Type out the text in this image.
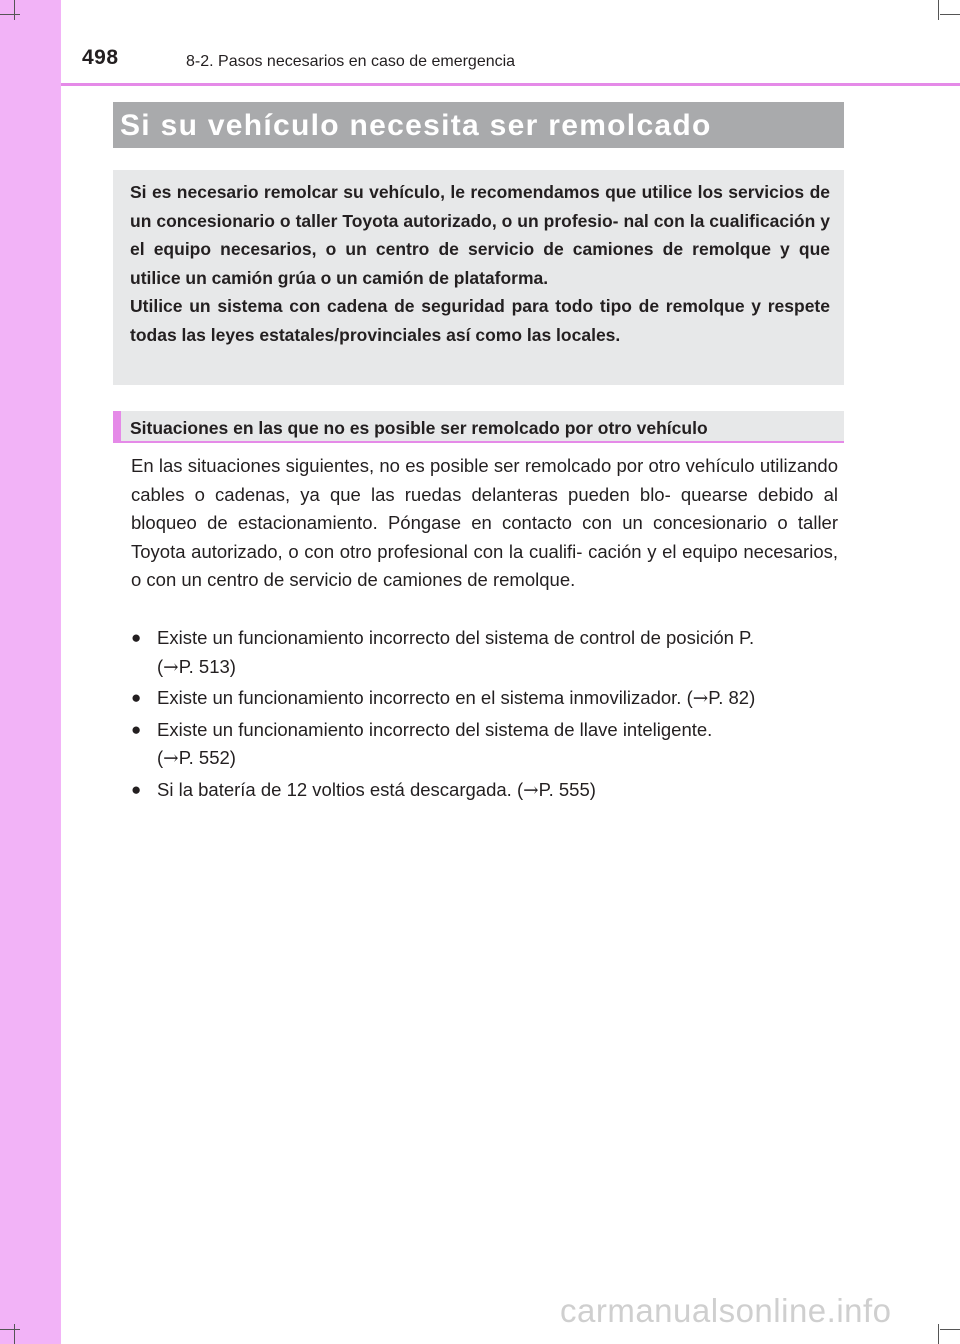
498	8-2. Pasos necesarios en caso de emergencia
Si su vehículo necesita ser remolcado
Si es necesario remolcar su vehículo, le recomendamos que utilice los servicios de un concesionario o taller Toyota autorizado, o un profesio- nal con la cualificación y el equipo necesarios, o un centro de servicio de camiones de remolque y que utilice un camión grúa o un camión de plataforma.
Utilice un sistema con cadena de seguridad para todo tipo de remolque y respete todas las leyes estatales/provinciales así como las locales.
Situaciones en las que no es posible ser remolcado por otro vehículo

En las situaciones siguientes, no es posible ser remolcado por otro vehículo utilizando cables o cadenas, ya que las ruedas delanteras pueden blo- quearse debido al bloqueo de estacionamiento. Póngase en contacto con un concesionario o taller Toyota autorizado, o con otro profesional con la cualifi- cación y el equipo necesarios, o con un centro de servicio de camiones de remolque.

● Existe un funcionamiento incorrecto del sistema de control de posición P.
(→P. 513)
● Existe un funcionamiento incorrecto en el sistema inmovilizador. (→P. 82)
● Existe un funcionamiento incorrecto del sistema de llave inteligente.
(→P. 552)
● Si la batería de 12 voltios está descargada. (→P. 555)
carmanualsonline.info
